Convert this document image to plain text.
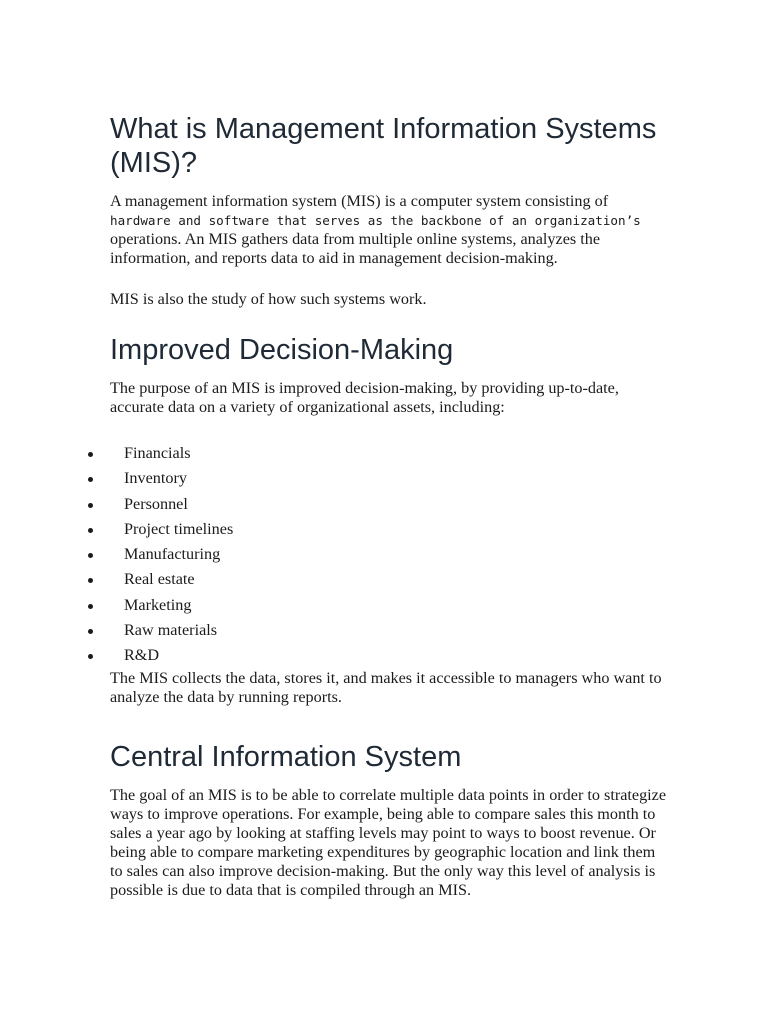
What is Management Information Systems (MIS)?

A management information system (MIS) is a computer system consisting of
hardware and software that serves as the backbone of an organization’s
operations. An MIS gathers data from multiple online systems, analyzes the information, and reports data to aid in management decision-making.

MIS is also the study of how such systems work.

Improved Decision-Making

The purpose of an MIS is improved decision-making, by providing up-to-date, accurate data on a variety of organizational assets, including:

Financials
Inventory
Personnel
Project timelines
Manufacturing
Real estate
Marketing
Raw materials
R&D

The MIS collects the data, stores it, and makes it accessible to managers who want to analyze the data by running reports.

Central Information System

The goal of an MIS is to be able to correlate multiple data points in order to strategize ways to improve operations. For example, being able to compare sales this month to sales a year ago by looking at staffing levels may point to ways to boost revenue. Or being able to compare marketing expenditures by geographic location and link them to sales can also improve decision-making. But the only way this level of analysis is possible is due to data that is compiled through an MIS.
